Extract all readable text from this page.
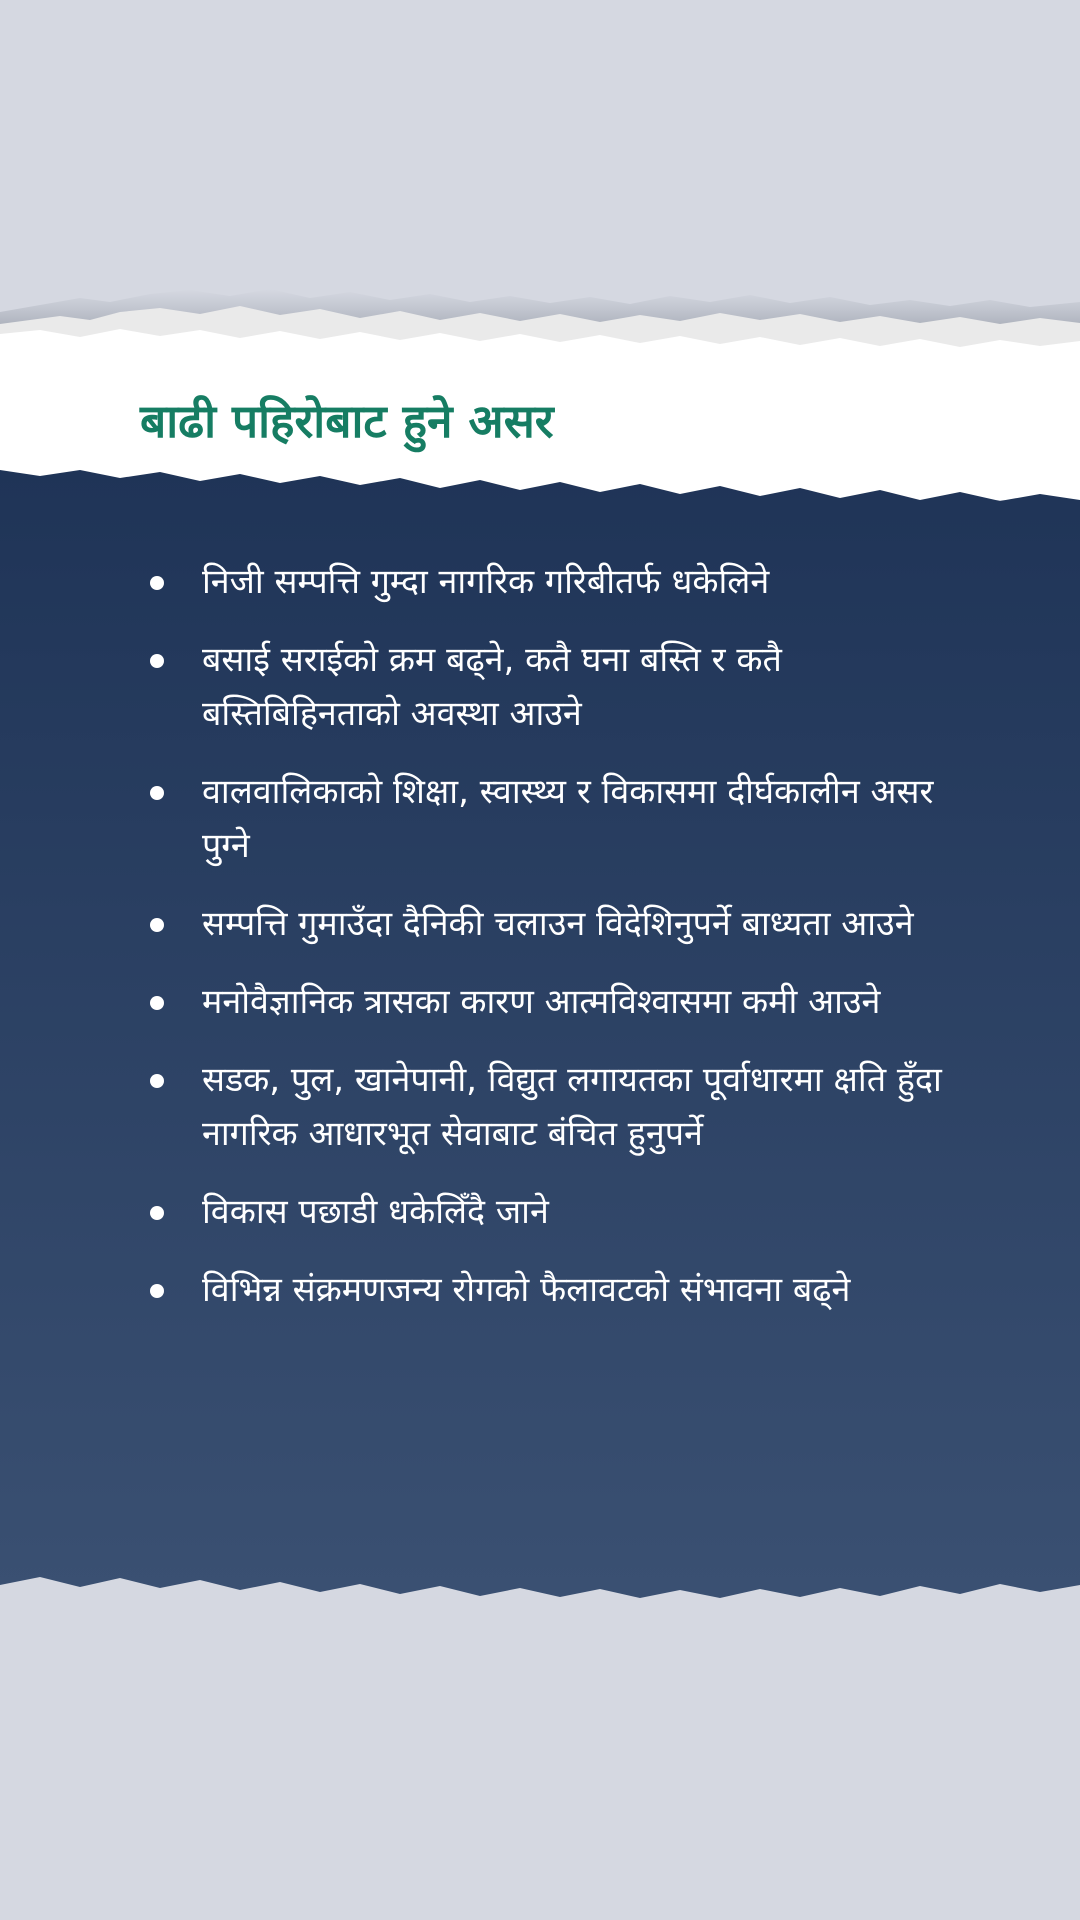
बाढी पहिरोबाट हुने असर
निजी सम्पत्ति गुम्दा नागरिक गरिबीतर्फ धकेलिने
बसाई सराईको क्रम बढ्ने, कतै घना बस्ति र कतै बस्तिबिहिनताको अवस्था आउने
वालवालिकाको शिक्षा, स्वास्थ्य र विकासमा दीर्घकालीन असर पुग्ने
सम्पत्ति गुमाउँदा दैनिकी चलाउन विदेशिनुपर्ने बाध्यता आउने
मनोवैज्ञानिक त्रासका कारण आत्मविश्वासमा कमी आउने
सडक, पुल, खानेपानी, विद्युत लगायतका पूर्वाधारमा क्षति हुँदा नागरिक आधारभूत सेवाबाट बंचित हुनुपर्ने
विकास पछाडी धकेलिँदै जाने
विभिन्न संक्रमणजन्य रोगको फैलावटको संभावना बढ्ने
